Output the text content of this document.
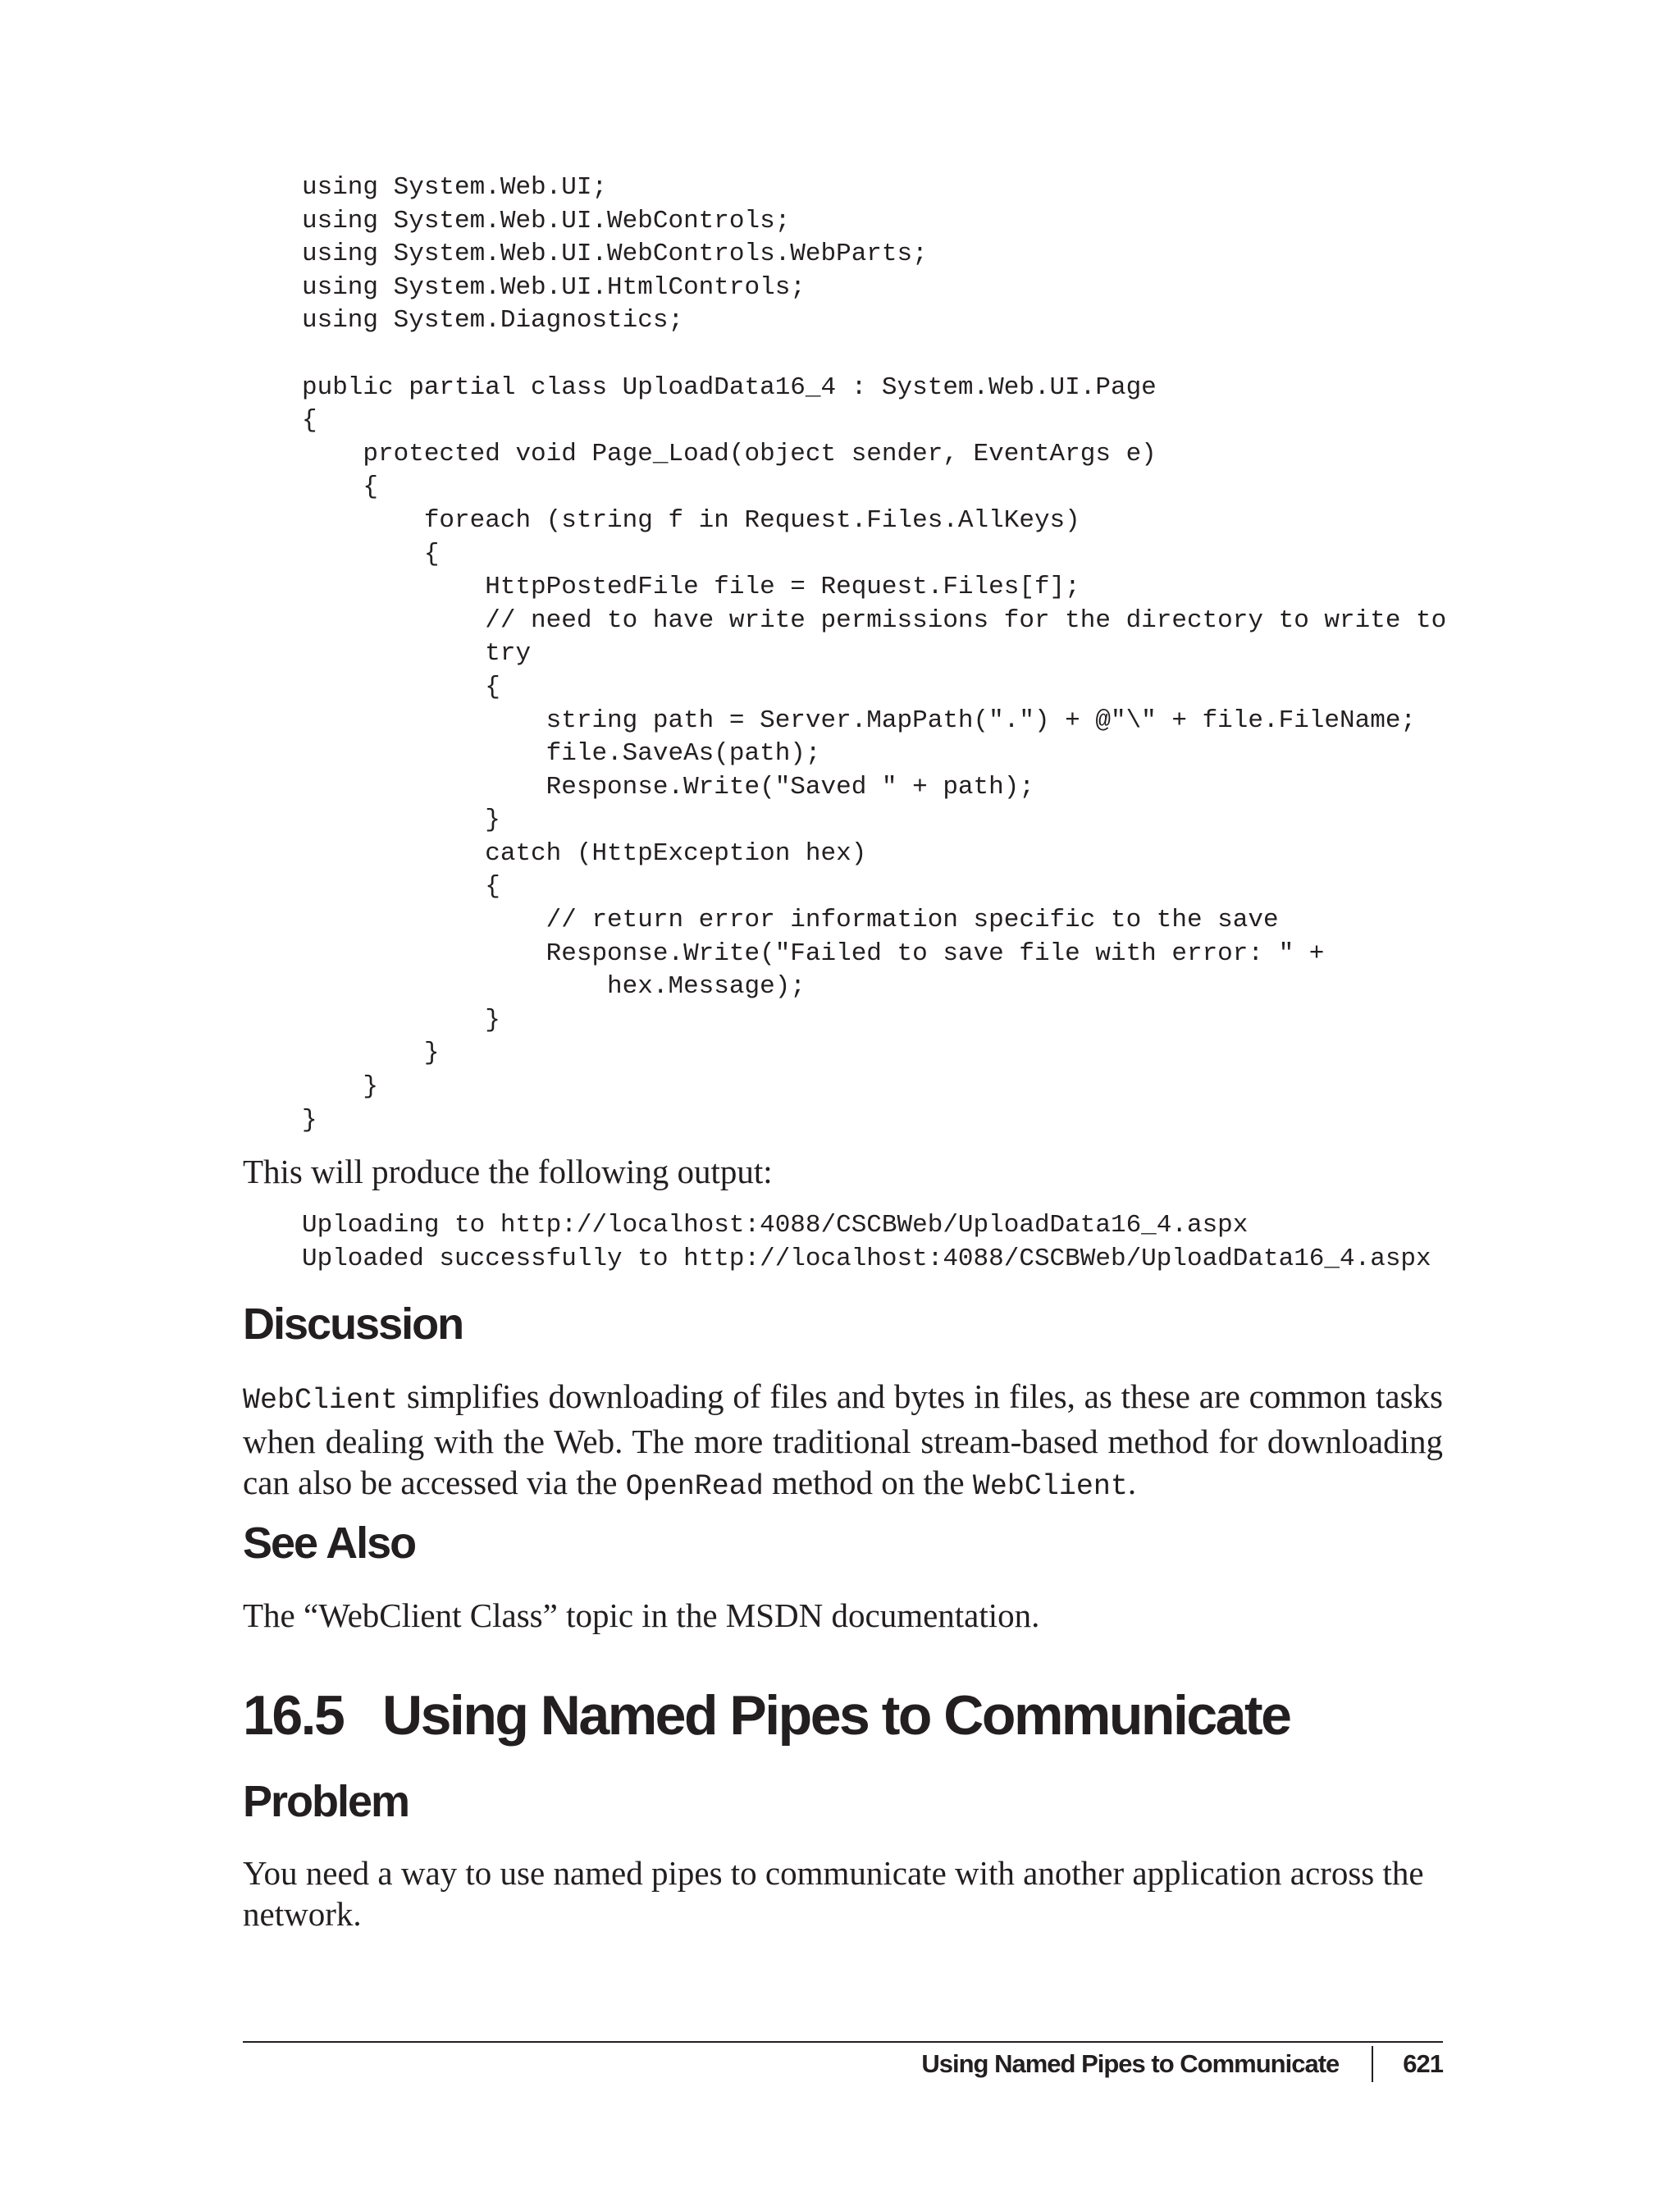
using System.Web.UI;
using System.Web.UI.WebControls;
using System.Web.UI.WebControls.WebParts;
using System.Web.UI.HtmlControls;
using System.Diagnostics;
public partial class UploadData16_4 : System.Web.UI.Page
{
protected void Page_Load(object sender, EventArgs e)
{
foreach (string f in Request.Files.AllKeys)
{
HttpPostedFile file = Request.Files[f];
// need to have write permissions for the directory to write to
try
{
string path = Server.MapPath(".") + @"\" + file.FileName;
file.SaveAs(path);
Response.Write("Saved " + path);
}
catch (HttpException hex)
{
// return error information specific to the save
Response.Write("Failed to save file with error: " +
hex.Message);
}
}
}
}

This will produce the following output:

Uploading to http://localhost:4088/CSCBWeb/UploadData16_4.aspx
Uploaded successfully to http://localhost:4088/CSCBWeb/UploadData16_4.aspx
Discussion

WebClient simplifies downloading of files and bytes in files, as these are common tasks when dealing with the Web. The more traditional stream-based method for downloading can also be accessed via the OpenRead method on the WebClient.

See Also

The “WebClient Class” topic in the MSDN documentation.

16.5 Using Named Pipes to Communicate
Problem

You need a way to use named pipes to communicate with another application across the network.

Using Named Pipes to Communicate	621
